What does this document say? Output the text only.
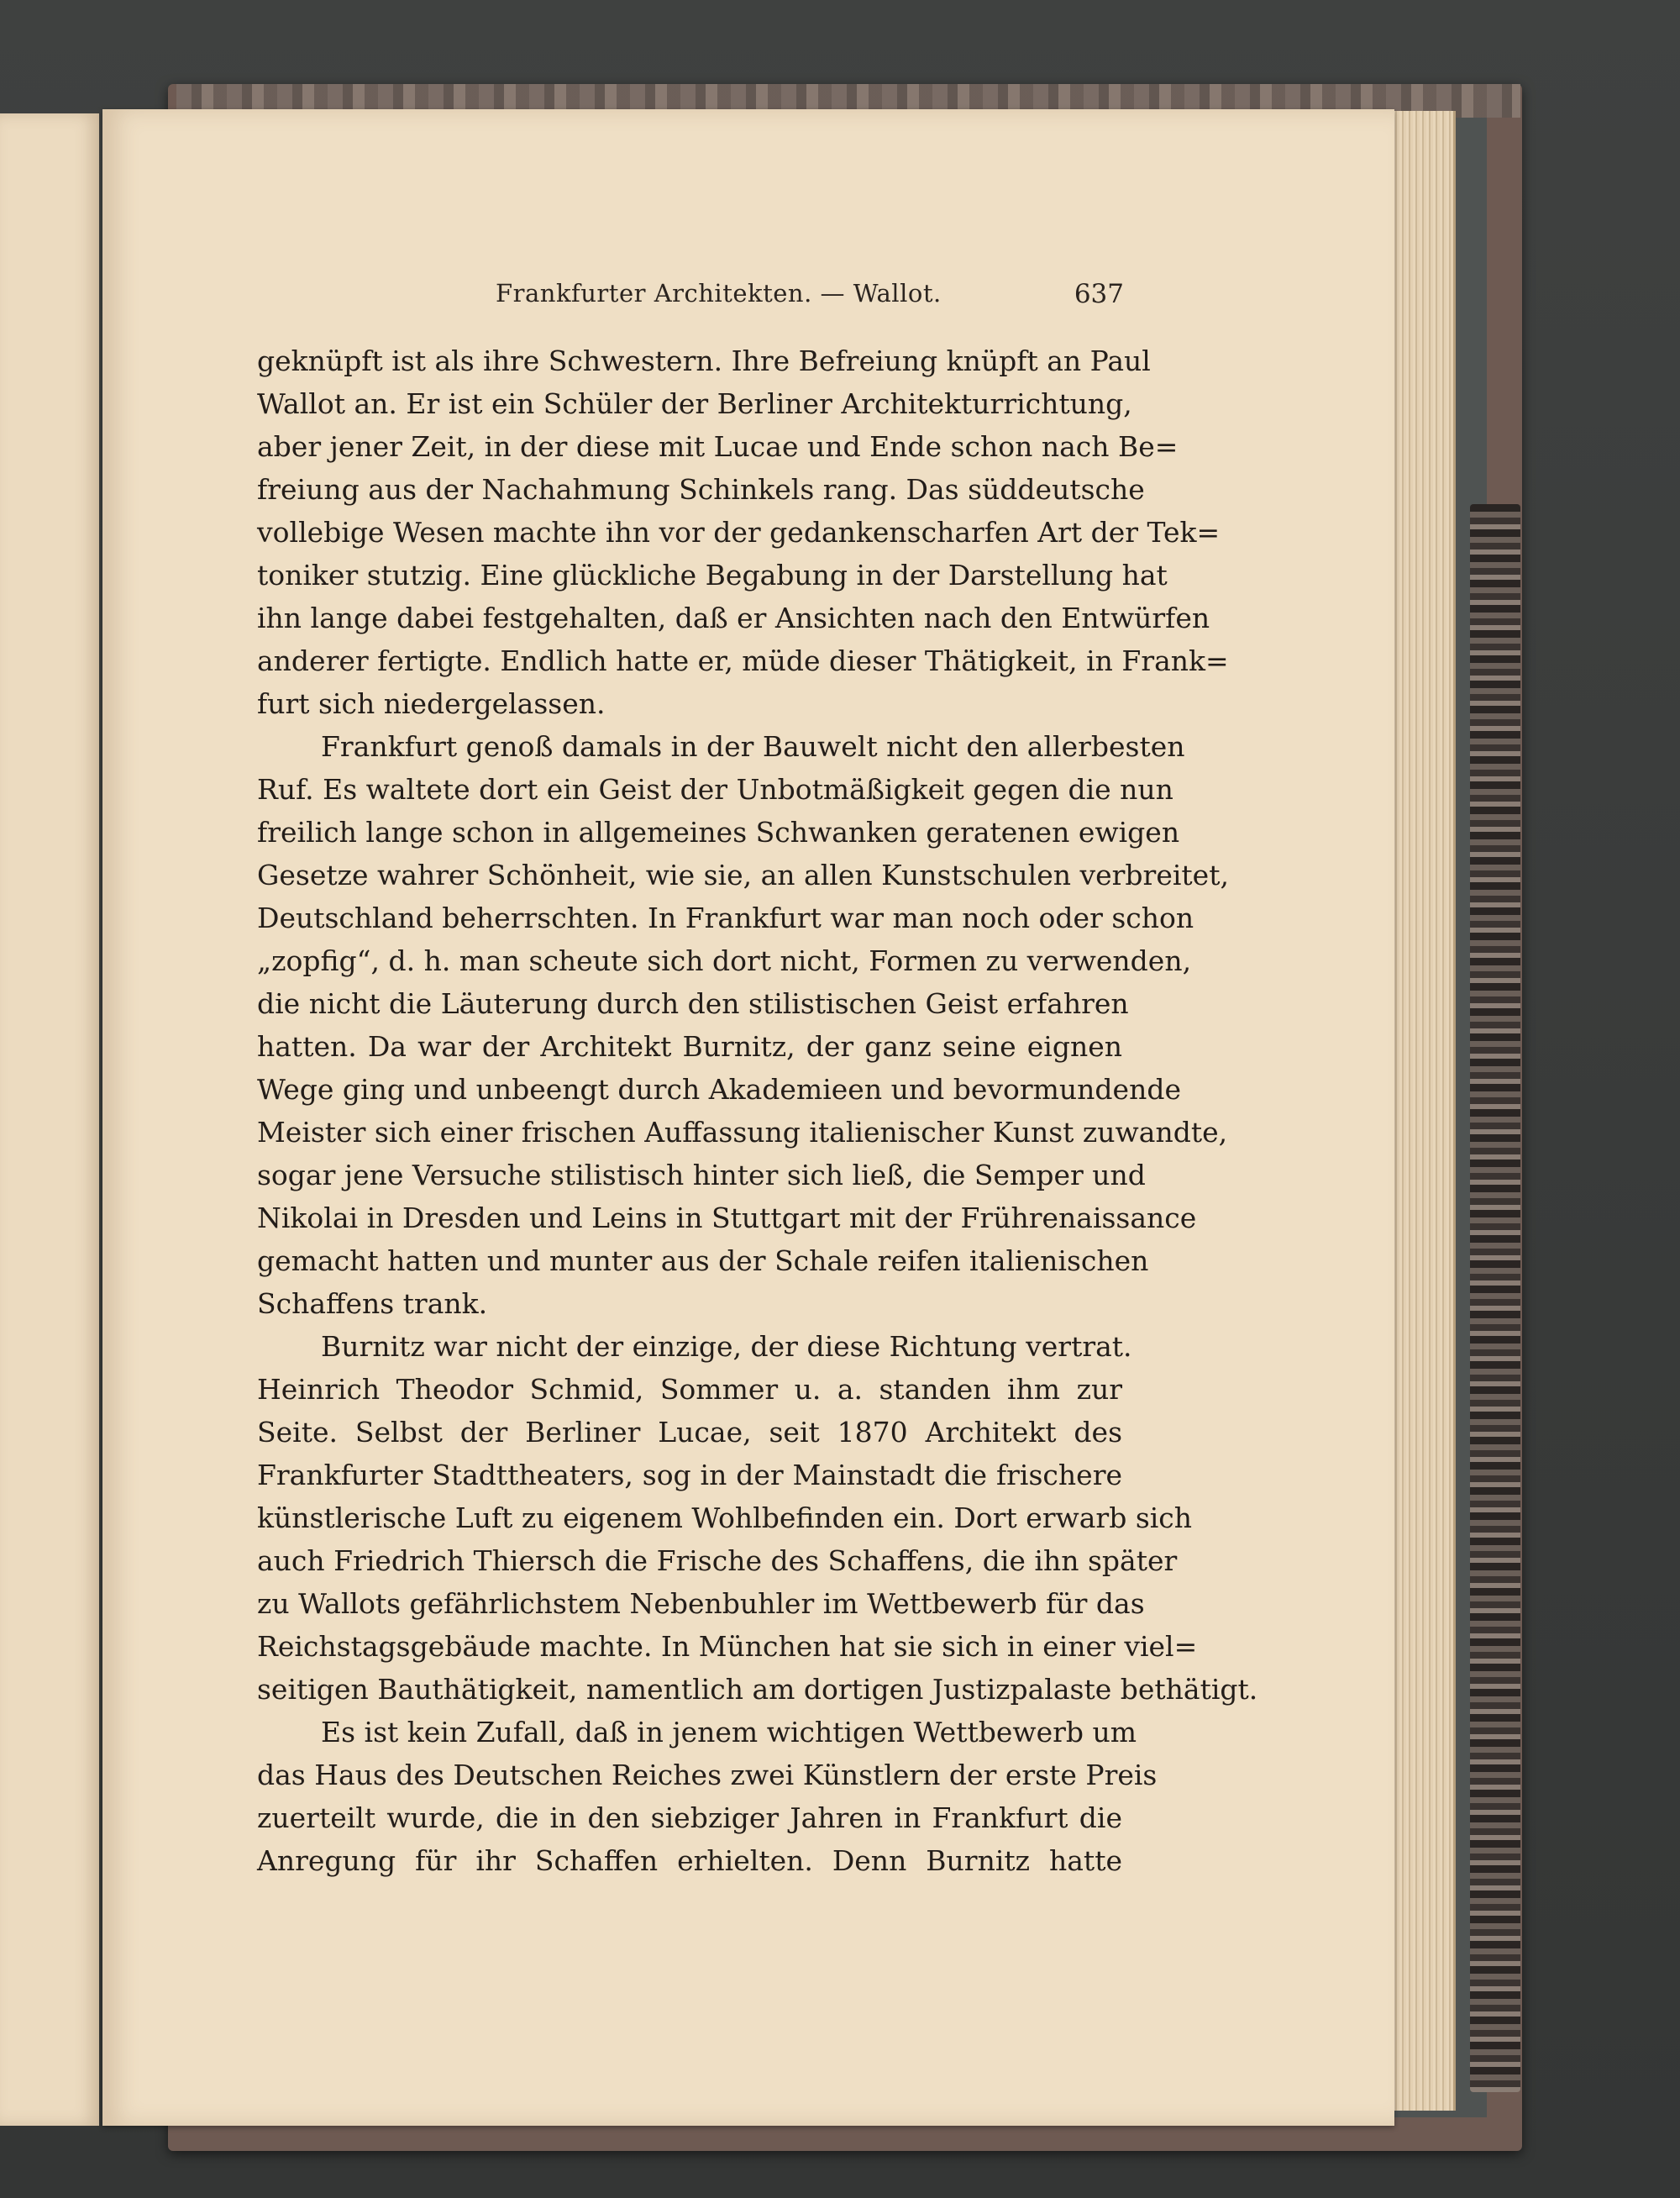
Frankfurter Architekten. — Wallot.	637
geknüpft ist als ihre Schwestern. Ihre Befreiung knüpft an Paul
Wallot an. Er ist ein Schüler der Berliner Architekturrichtung,
aber jener Zeit, in der diese mit Lucae und Ende schon nach Be=
freiung aus der Nachahmung Schinkels rang. Das süddeutsche
vollebige Wesen machte ihn vor der gedankenscharfen Art der Tek=
toniker stutzig. Eine glückliche Begabung in der Darstellung hat
ihn lange dabei festgehalten, daß er Ansichten nach den Entwürfen
anderer fertigte. Endlich hatte er, müde dieser Thätigkeit, in Frank=
furt sich niedergelassen.
Frankfurt genoß damals in der Bauwelt nicht den allerbesten
Ruf. Es waltete dort ein Geist der Unbotmäßigkeit gegen die nun
freilich lange schon in allgemeines Schwanken geratenen ewigen
Gesetze wahrer Schönheit, wie sie, an allen Kunstschulen verbreitet,
Deutschland beherrschten. In Frankfurt war man noch oder schon
„zopfig“, d. h. man scheute sich dort nicht, Formen zu verwenden,
die nicht die Läuterung durch den stilistischen Geist erfahren
hatten. Da war der Architekt Burnitz, der ganz seine eignen
Wege ging und unbeengt durch Akademieen und bevormundende
Meister sich einer frischen Auffassung italienischer Kunst zuwandte,
sogar jene Versuche stilistisch hinter sich ließ, die Semper und
Nikolai in Dresden und Leins in Stuttgart mit der Frührenaissance
gemacht hatten und munter aus der Schale reifen italienischen
Schaffens trank.
Burnitz war nicht der einzige, der diese Richtung vertrat.
Heinrich Theodor Schmid, Sommer u. a. standen ihm zur
Seite. Selbst der Berliner Lucae, seit 1870 Architekt des
Frankfurter Stadttheaters, sog in der Mainstadt die frischere
künstlerische Luft zu eigenem Wohlbefinden ein. Dort erwarb sich
auch Friedrich Thiersch die Frische des Schaffens, die ihn später
zu Wallots gefährlichstem Nebenbuhler im Wettbewerb für das
Reichstagsgebäude machte. In München hat sie sich in einer viel=
seitigen Bauthätigkeit, namentlich am dortigen Justizpalaste bethätigt.
Es ist kein Zufall, daß in jenem wichtigen Wettbewerb um
das Haus des Deutschen Reiches zwei Künstlern der erste Preis
zuerteilt wurde, die in den siebziger Jahren in Frankfurt die
Anregung für ihr Schaffen erhielten. Denn Burnitz hatte
